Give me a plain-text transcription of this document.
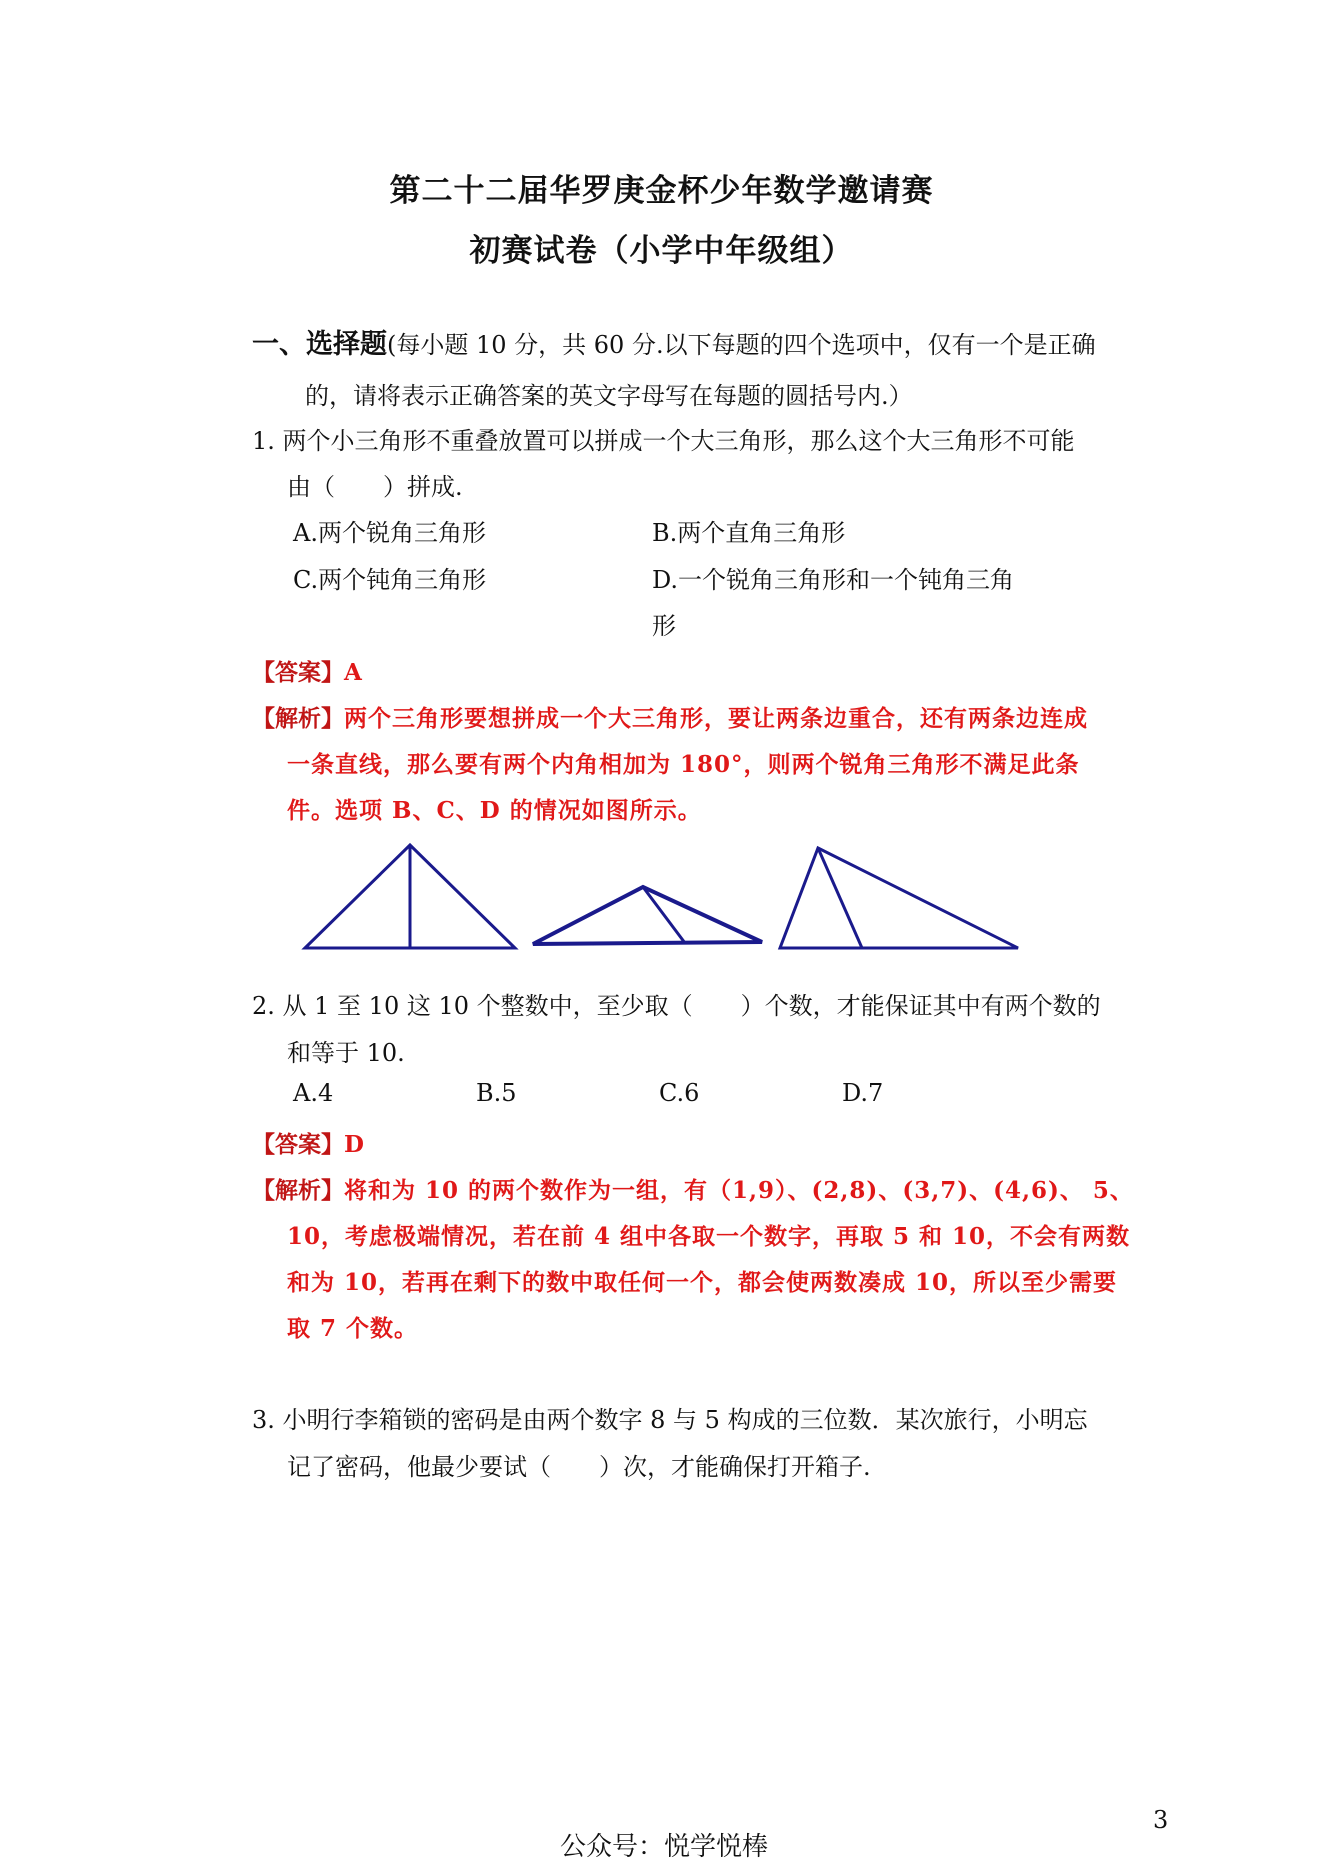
第二十二届华罗庚金杯少年数学邀请赛
初赛试卷（小学中年级组）
一、选择题(每小题 10 分，共 60 分.以下每题的四个选项中，仅有一个是正确
的，请将表示正确答案的英文字母写在每题的圆括号内.）
1. 两个小三角形不重叠放置可以拼成一个大三角形，那么这个大三角形不可能
由（　　）拼成.
A.两个锐角三角形	B.两个直角三角形
C.两个钝角三角形	D.一个锐角三角形和一个钝角三角
形
【答案】A
【解析】两个三角形要想拼成一个大三角形，要让两条边重合，还有两条边连成
一条直线，那么要有两个内角相加为 180°，则两个锐角三角形不满足此条
件。选项 B、C、D 的情况如图所示。
2. 从 1 至 10 这 10 个整数中，至少取（　　）个数，才能保证其中有两个数的
和等于 10.
A.4	B.5	C.6	D.7
【答案】D
【解析】将和为 10 的两个数作为一组，有（1,9）、(2,8)、(3,7)、(4,6)、 5、
10，考虑极端情况，若在前 4 组中各取一个数字，再取 5 和 10，不会有两数
和为 10，若再在剩下的数中取任何一个，都会使两数凑成 10，所以至少需要
取 7 个数。
3. 小明行李箱锁的密码是由两个数字 8 与 5 构成的三位数．某次旅行，小明忘
记了密码，他最少要试（　　）次，才能确保打开箱子.
公众号：悦学悦棒
3
